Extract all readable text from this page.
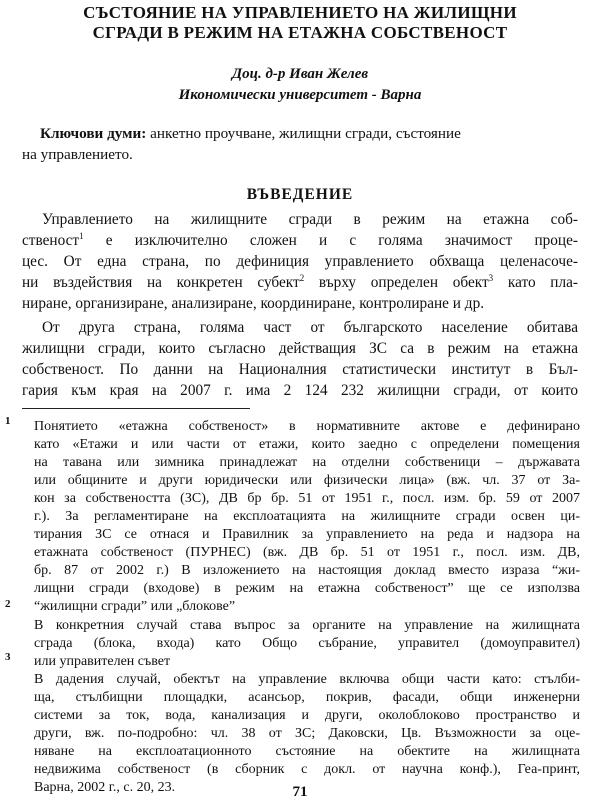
СЪСТОЯНИЕ НА УПРАВЛЕНИЕТО НА ЖИЛИЩНИ
СГРАДИ В РЕЖИМ НА ЕТАЖНА СОБСТВЕНОСТ
Доц. д-р Иван Желев
Икономически университет - Варна
Ключови думи: анкетно проучване, жилищни сгради, състояние
на управлението.
ВЪВЕДЕНИЕ
Управлението на жилищните сгради в режим на етажна соб-
ственост$^1$ е изключително сложен и с голяма значимост проце-
цес. От една страна, по дефиниция управлението обхваща целенасоче-
ни въздействия на конкретен субект$^2$ върху определен обект$^3$ като пла-
ниране, организиране, анализиране, координиране, контролиране и др.
От друга страна, голяма част от българското население обитава
жилищни сгради, които съгласно действащия ЗС са в режим на етажна
собственост. По данни на Националния статистически институт в Бъл-
гария към края на 2007 г. има 2 124 232 жилищни сгради, от които
1 Понятието «етажна собственост» в нормативните актове е дефинирано
като «Етажи и или части от етажи, които заедно с определени помещения
на тавана или зимника принадлежат на отделни собственици – държавата
или общините и други юридически или физически лица» (вж. чл. 37 от За-
кон за собствеността (ЗС), ДВ бр бр. 51 от 1951 г., посл. изм. бр. 59 от 2007
г.). За регламентиране на експлоатацията на жилищните сгради освен ци-
тирания ЗС се отнася и Правилник за управлението на реда и надзора на
етажната собственост (ПУРНЕС) (вж. ДВ бр. 51 от 1951 г., посл. изм. ДВ,
бр. 87 от 2002 г.) В изложението на настоящия доклад вместо израза “жи-
лищни сгради (входове) в режим на етажна собственост” ще се използва
“жилищни сгради” или „блокове”
2
В конкретния случай става въпрос за органите на управление на жилищната
сграда (блока, входа) като Общо събрание, управител (домоуправител)
или управителен съвет
3
В дадения случай, обектът на управление включва общи части като: стълби-
ща, стълбищни площадки, асансьор, покрив, фасади, общи инженерни
системи за ток, вода, канализация и други, околоблоково пространство и
други, вж. по-подробно: чл. 38 от ЗС; Даковски, Цв. Възможности за оце-
няване на експлоатационното състояние на обектите на жилищната
недвижима собственост (в сборник с докл. от научна конф.), Геа-принт,
Варна, 2002 г., с. 20, 23.	71
